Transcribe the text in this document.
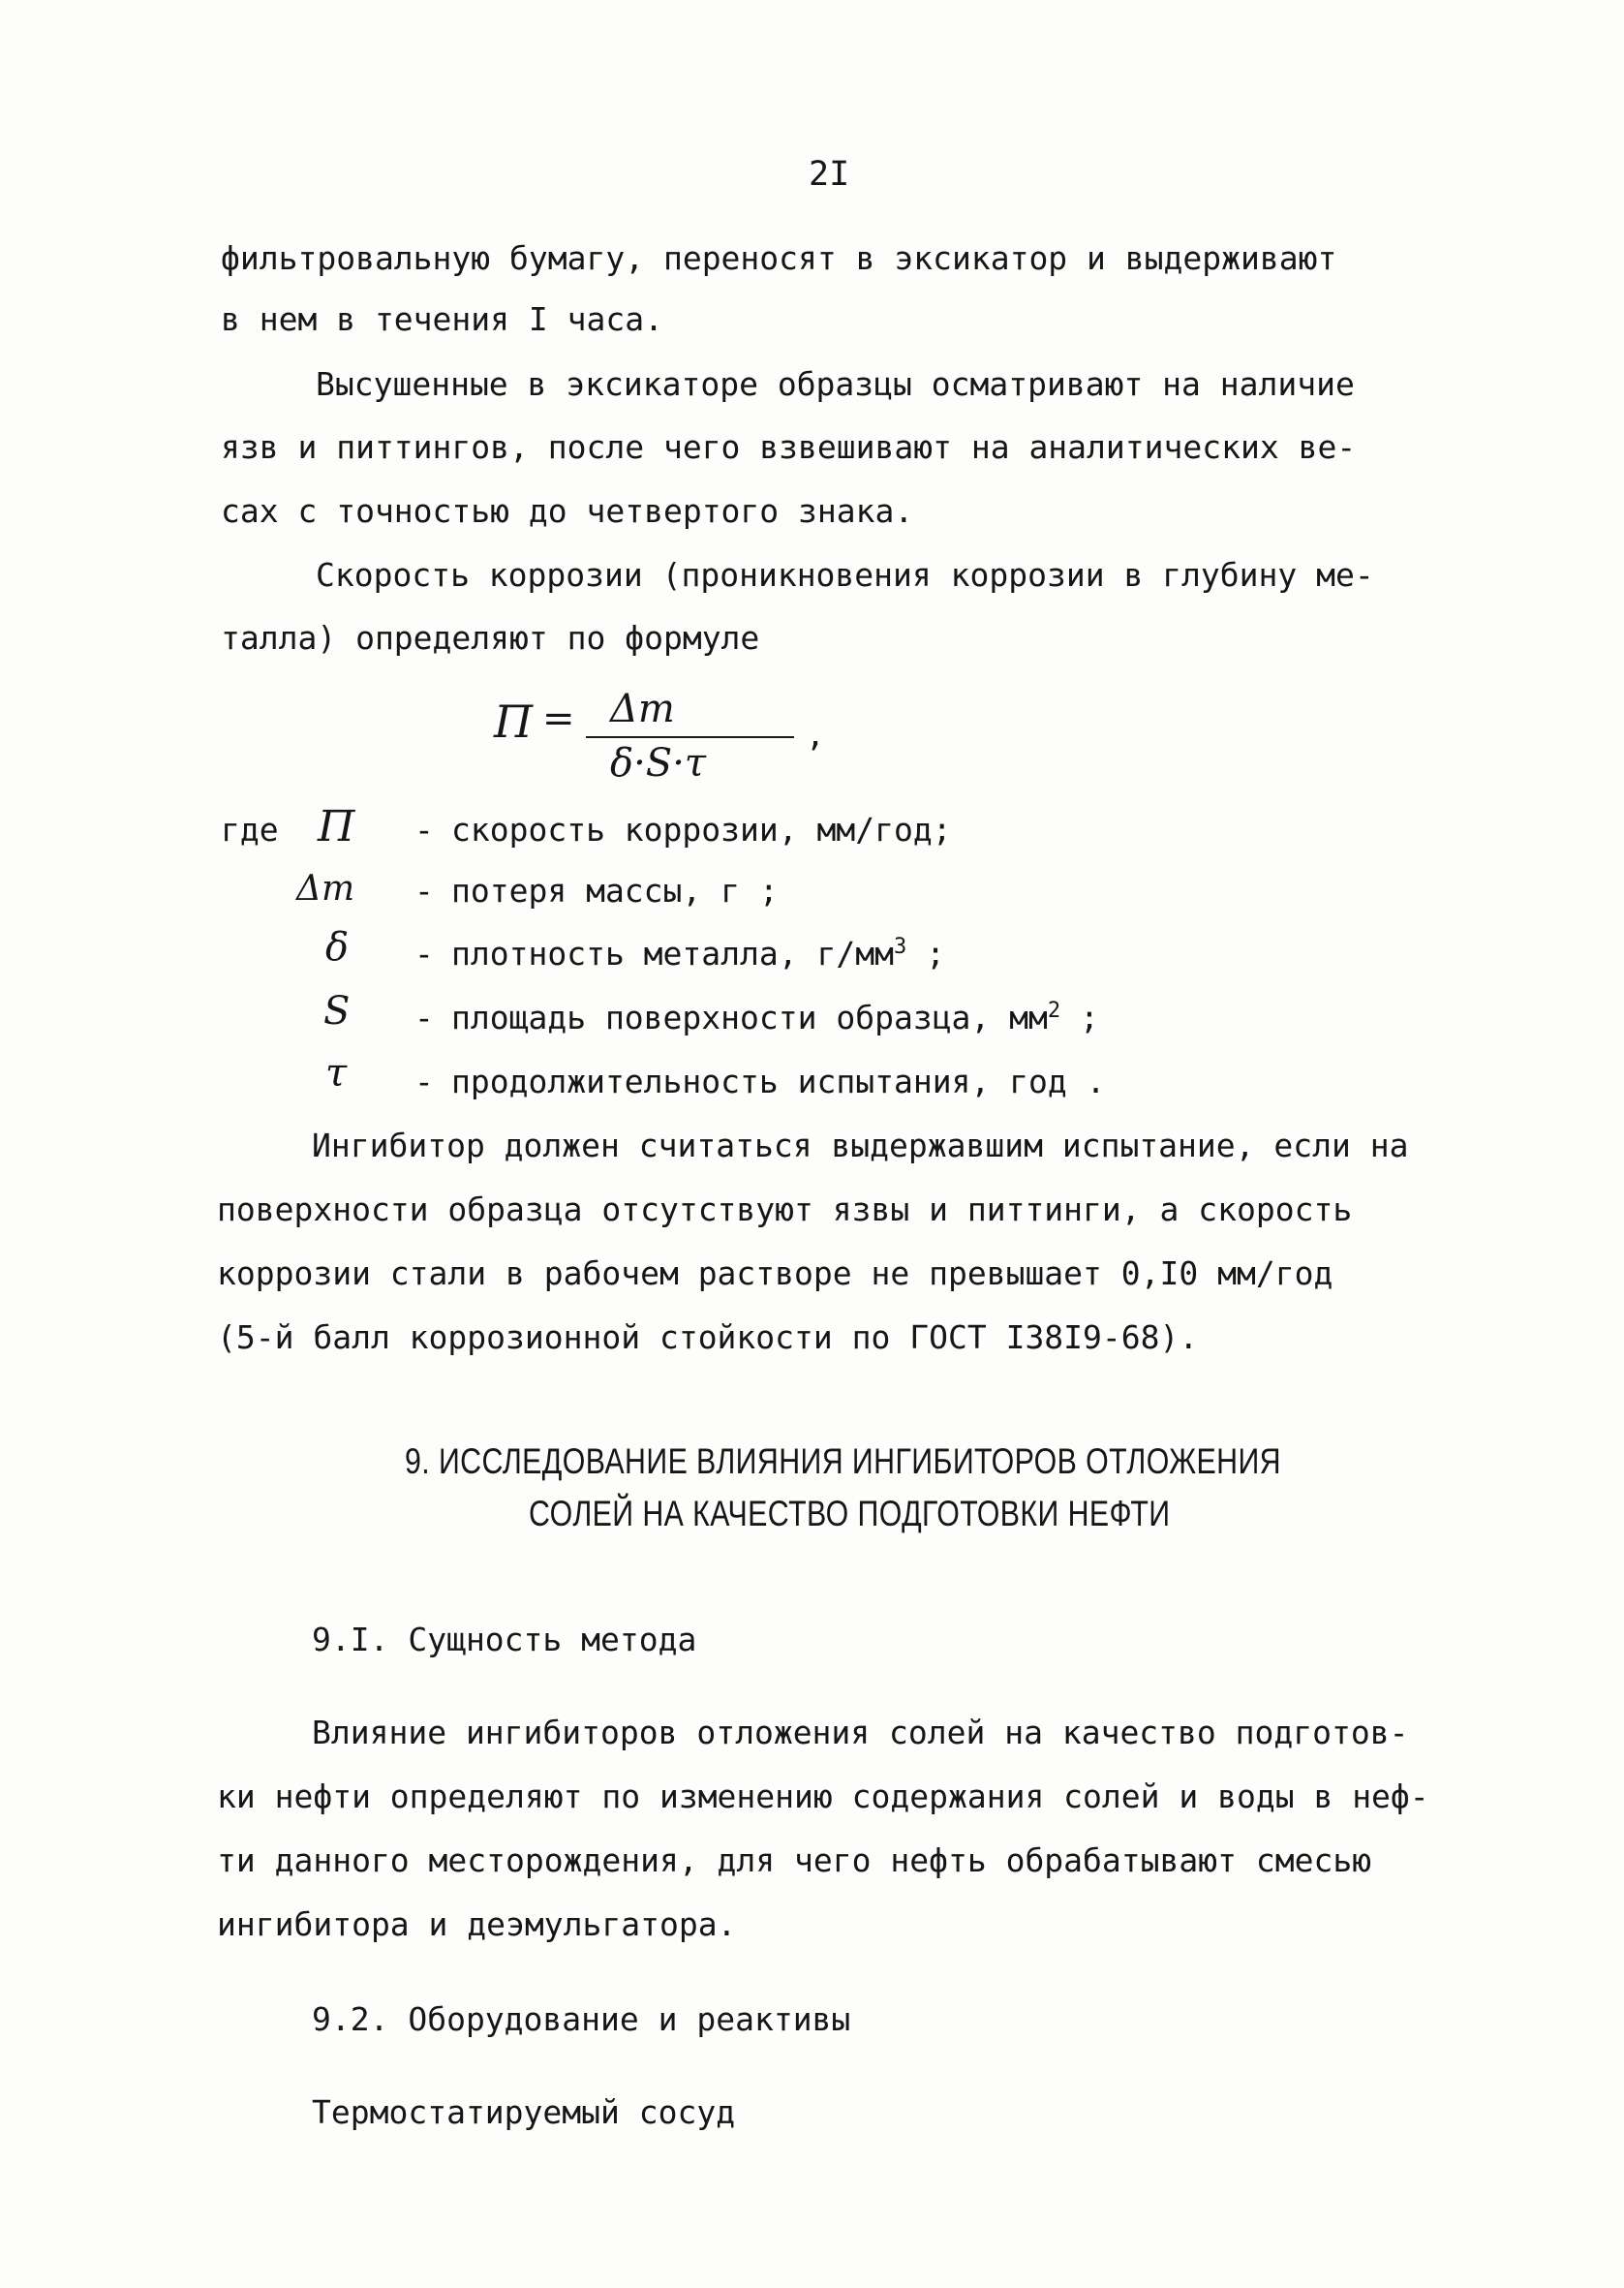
2I
фильтровальную бумагу, переносят в эксикатор и выдерживают
в нем в течения I часа.
Высушенные в эксикаторе образцы осматривают на наличие
язв и питтингов, после чего взвешивают на аналитических ве-
сах с точностью до четвертого знака.
Скорость коррозии (проникновения коррозии в глубину ме-
талла) определяют по формуле
П = Δm
δ·S·τ
,
где П - скорость коррозии, мм/год;
Δm - потеря массы, г ;
δ - плотность металла, $г/мм^3$ ;
S - площадь поверхности образца, $мм^2$ ;
τ - продолжительность испытания, год .
Ингибитор должен считаться выдержавшим испытание, если на
поверхности образца отсутствуют язвы и питтинги, а скорость
коррозии стали в рабочем растворе не превышает 0,I0 мм/год
(5-й балл коррозионной стойкости по ГОСТ I38I9-68).
9. ИССЛЕДОВАНИЕ ВЛИЯНИЯ ИНГИБИТОРОВ ОТЛОЖЕНИЯ
СОЛЕЙ НА КАЧЕСТВО ПОДГОТОВКИ НЕФТИ
9.I. Сущность метода
Влияние ингибиторов отложения солей на качество подготов-
ки нефти определяют по изменению содержания солей и воды в неф-
ти данного месторождения, для чего нефть обрабатывают смесью
ингибитора и деэмульгатора.
9.2. Оборудование и реактивы
Термостатируемый сосуд
